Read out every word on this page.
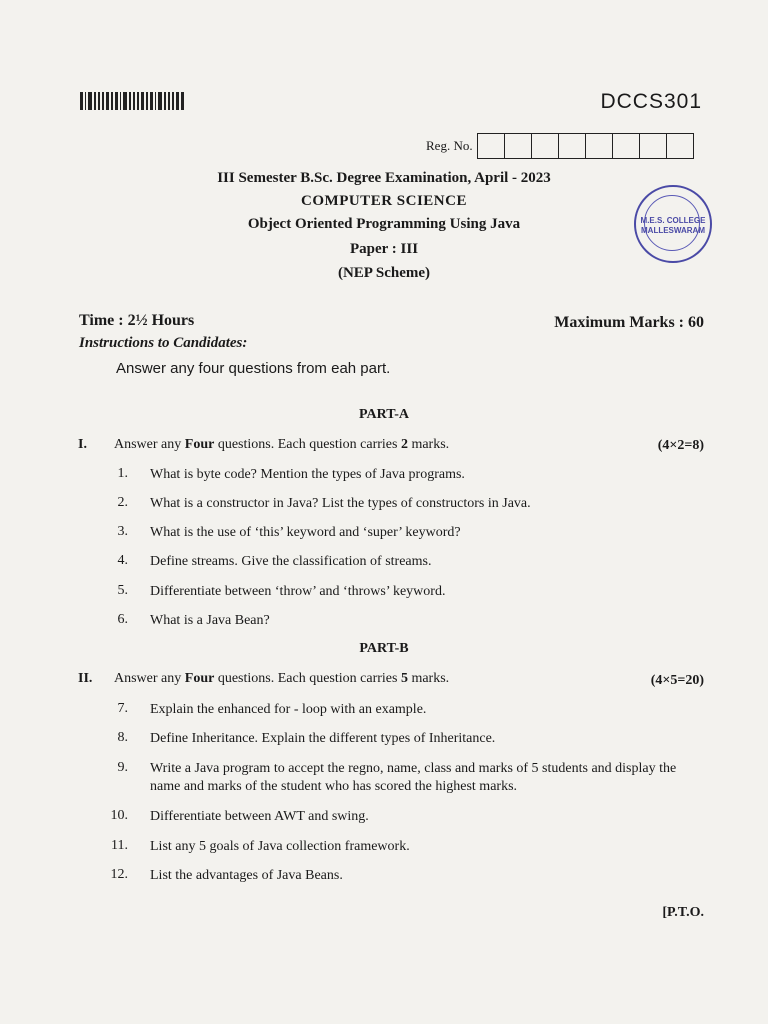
DCCS301
Reg. No.
III Semester B.Sc. Degree Examination, April - 2023
COMPUTER SCIENCE
Object Oriented Programming Using Java
Paper : III
(NEP Scheme)
M.E.S. COLLEGE
MALLESWARAM
Time : 2½ Hours	Maximum Marks : 60
Instructions to Candidates:
Answer any four questions from eah part.
PART-A
I. Answer any Four questions. Each question carries 2 marks.	(4×2=8)
1. What is byte code? Mention the types of Java programs.
2. What is a constructor in Java? List the types of constructors in Java.
3. What is the use of ‘this’ keyword and ‘super’ keyword?
4. Define streams. Give the classification of streams.
5. Differentiate between ‘throw’ and ‘throws’ keyword.
6. What is a Java Bean?
PART-B
II. Answer any Four questions. Each question carries 5 marks.	(4×5=20)
7. Explain the enhanced for - loop with an example.
8. Define Inheritance. Explain the different types of Inheritance.
9. Write a Java program to accept the regno, name, class and marks of 5 students and display the name and marks of the student who has scored the highest marks.
10. Differentiate between AWT and swing.
11. List any 5 goals of Java collection framework.
12. List the advantages of Java Beans.
[P.T.O.
